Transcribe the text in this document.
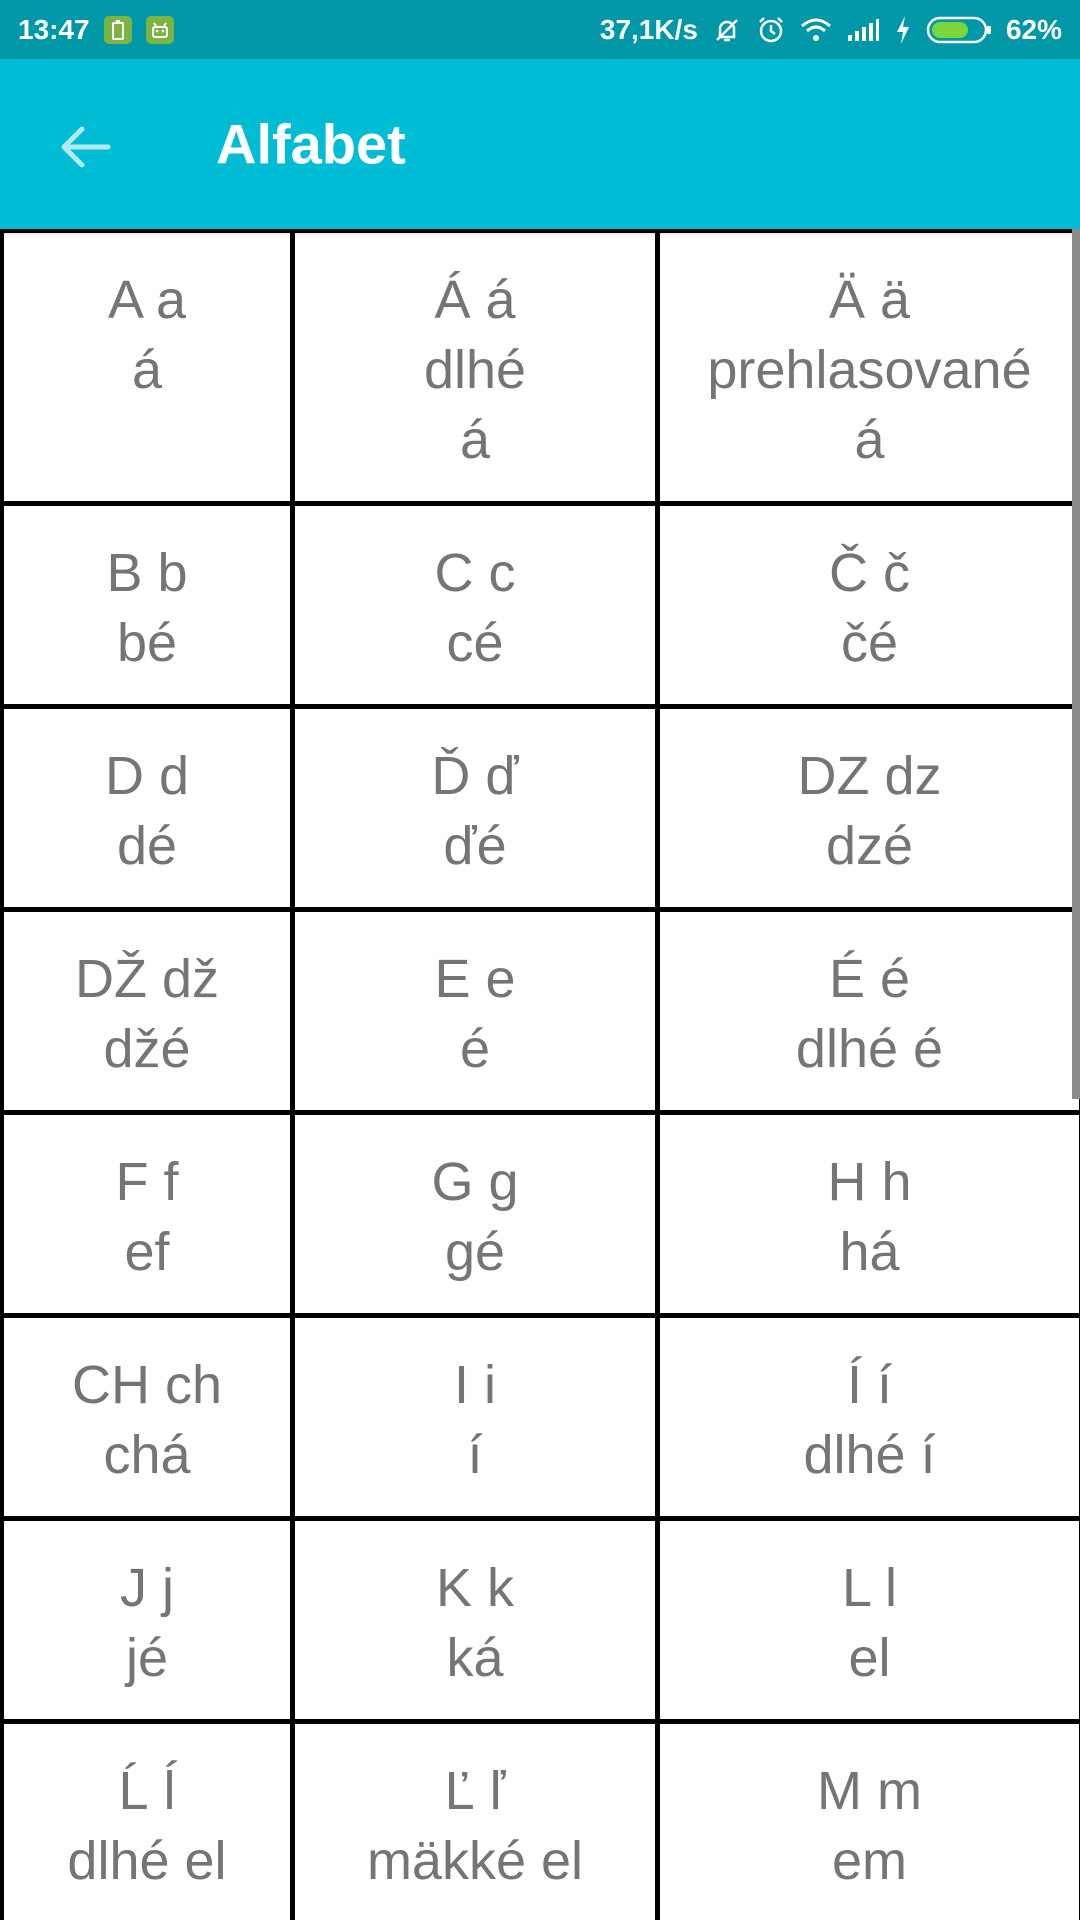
13:47	37,1K/s	62%
Alfabet
A a
á
Á á
dlhé
á
Ä ä
prehlasované
á
B b
bé
C c
cé
Č č
čé
D d
dé
Ď ď
ďé
DZ dz
dzé
DŽ dž
džé
E e
é
É é
dlhé é
F f
ef
G g
gé
H h
há
CH ch
chá
I i
í
Í í
dlhé í
J j
jé
K k
ká
L l
el
Ĺ ĺ
dlhé el
Ľ ľ
mäkké el
M m
em
